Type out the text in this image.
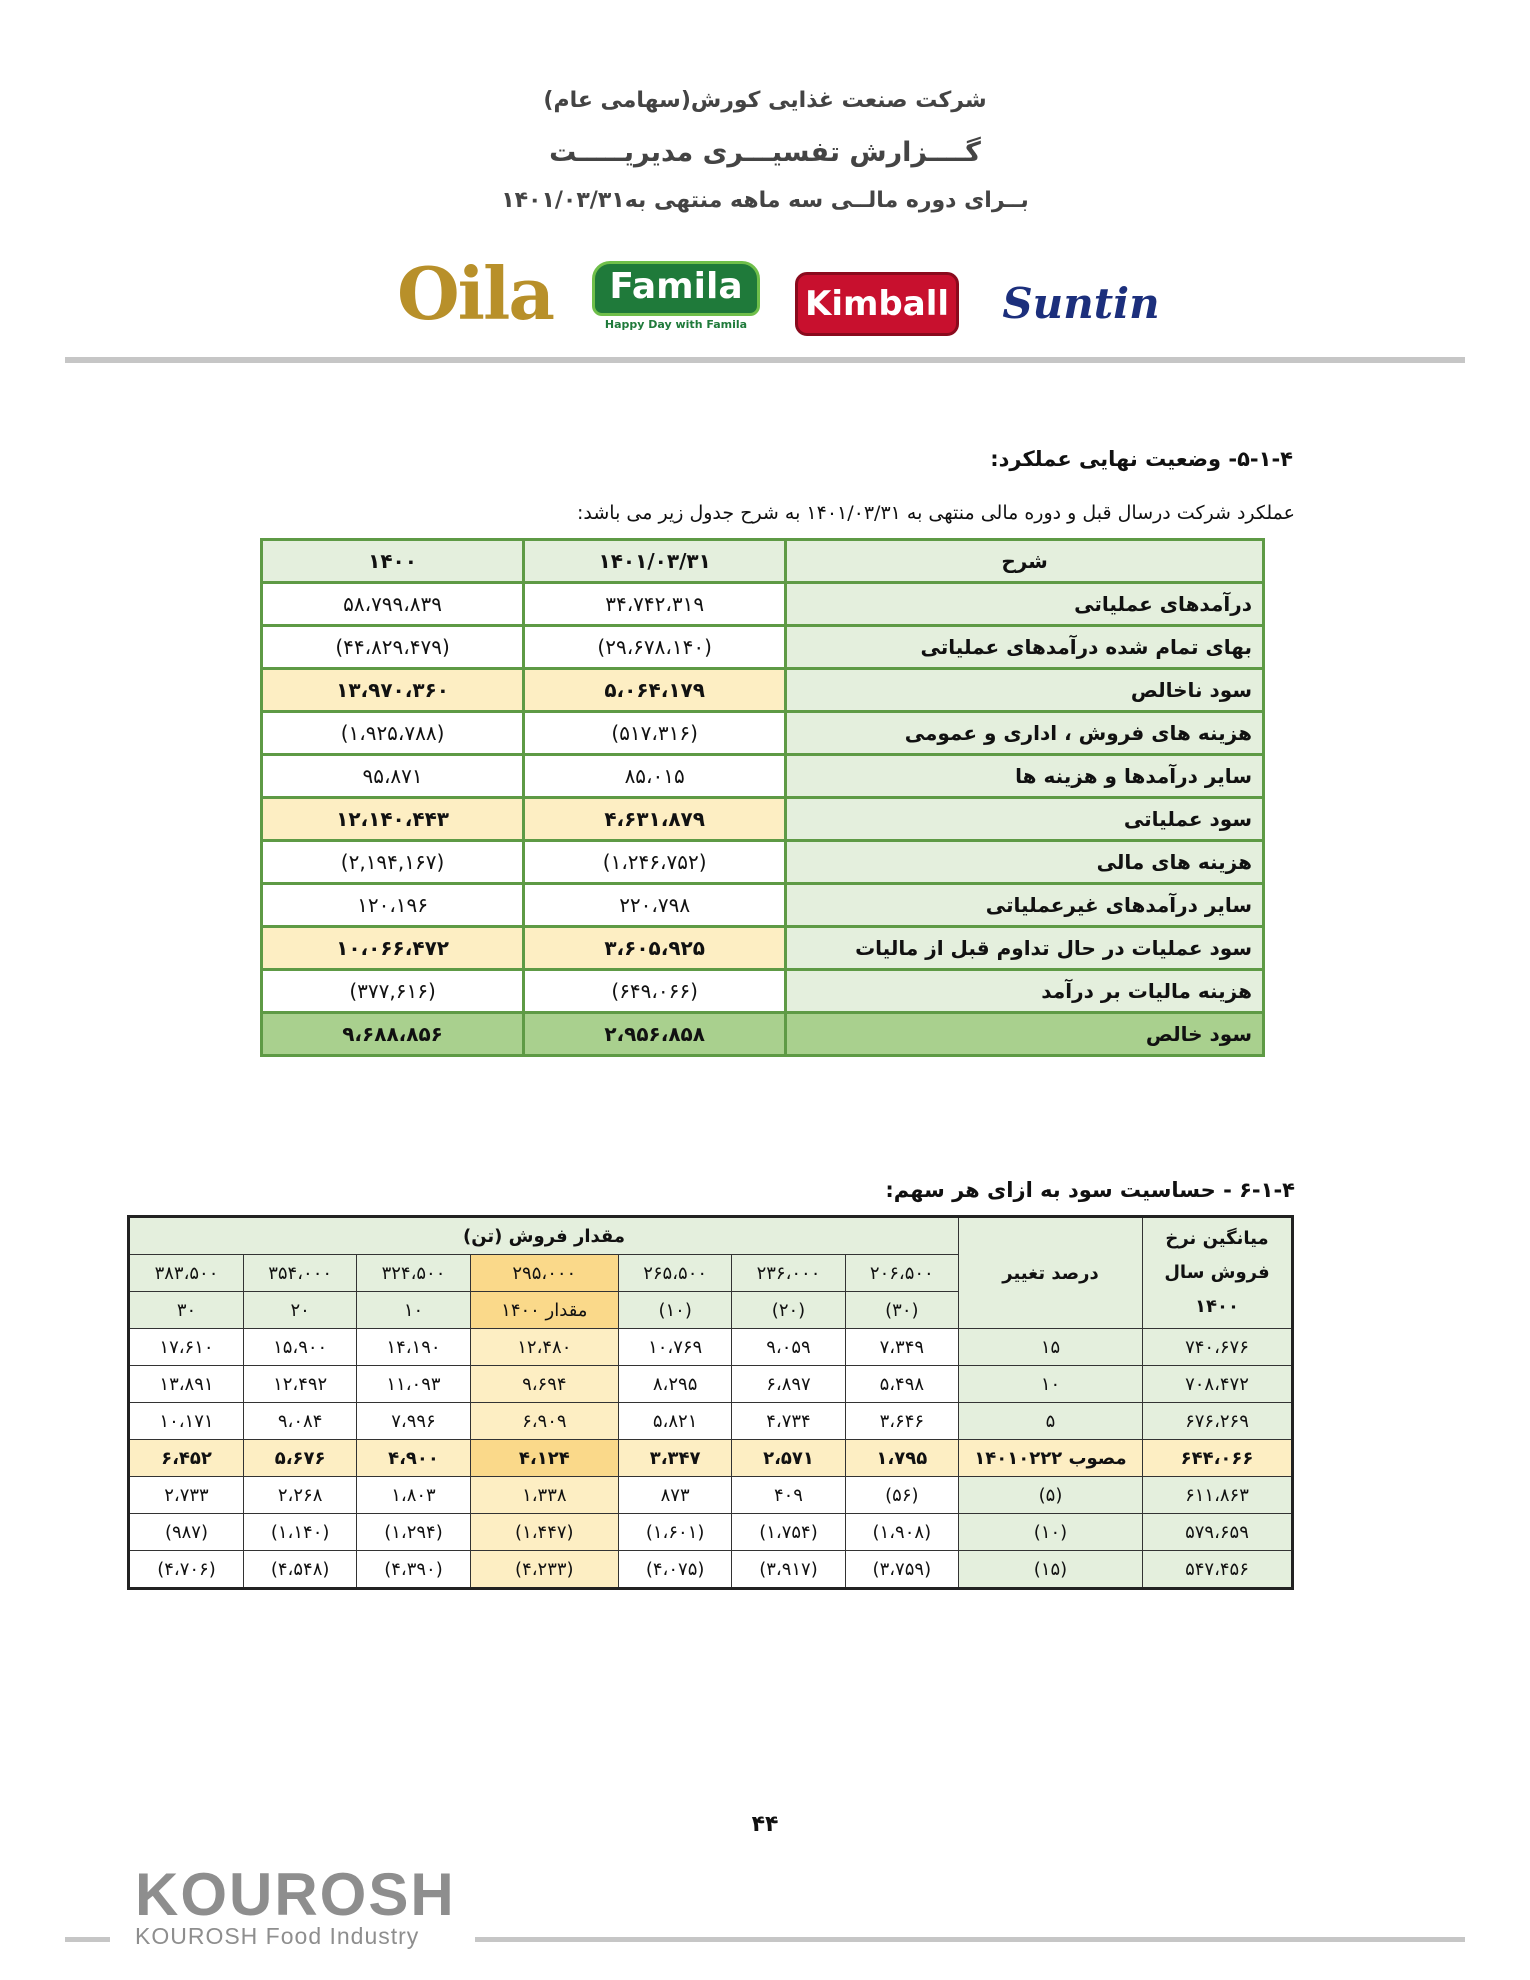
شرکت صنعت غذایی کورش(سهامی عام)
گــــزارش تفسیـــری مدیریـــــت
بــرای دوره مالــی سه ماهه منتهی به۱۴۰۱/۰۳/۳۱
Oila	Famila
Happy Day with Famila
Kimball Suntin
۵-۱-۴- وضعیت نهایی عملکرد:
عملکرد شرکت درسال قبل و دوره مالی منتهی به ۱۴۰۱/۰۳/۳۱ به شرح جدول زیر می باشد:
شرح	۱۴۰۱/۰۳/۳۱	۱۴۰۰
درآمدهای عملیاتی	۳۴،۷۴۲،۳۱۹	۵۸،۷۹۹،۸۳۹
بهای تمام شده درآمدهای عملیاتی	(۲۹،۶۷۸،۱۴۰)	(۴۴،۸۲۹،۴۷۹)
سود ناخالص	۵،۰۶۴،۱۷۹	۱۳،۹۷۰،۳۶۰
هزینه های فروش ، اداری و عمومی	(۵۱۷،۳۱۶)	(۱،۹۲۵،۷۸۸)
سایر درآمدها و هزینه ها	۸۵،۰۱۵	۹۵،۸۷۱
سود عملیاتی	۴،۶۳۱،۸۷۹	۱۲،۱۴۰،۴۴۳
هزینه های مالی	(۱،۲۴۶،۷۵۲)	(۲,۱۹۴,۱۶۷)
سایر درآمدهای غیرعملیاتی	۲۲۰،۷۹۸	۱۲۰،۱۹۶
سود عملیات در حال تداوم قبل از مالیات	۳،۶۰۵،۹۲۵	۱۰،۰۶۶،۴۷۲
هزینه مالیات بر درآمد	(۶۴۹،۰۶۶)	(۳۷۷,۶۱۶)
سود خالص	۲،۹۵۶،۸۵۸	۹،۶۸۸،۸۵۶
۶-۱-۴ - حساسیت سود به ازای هر سهم:
میانگین نرخ
فروش سال
۱۴۰۰	درصد تغییر	مقدار فروش (تن)						
		۲۰۶،۵۰۰	۲۳۶،۰۰۰	۲۶۵،۵۰۰	۲۹۵،۰۰۰	۳۲۴،۵۰۰	۳۵۴،۰۰۰	۳۸۳،۵۰۰
		(۳۰)	(۲۰)	(۱۰)	مقدار ۱۴۰۰	۱۰	۲۰	۳۰
۷۴۰،۶۷۶	۱۵	۷،۳۴۹	۹،۰۵۹	۱۰،۷۶۹	۱۲،۴۸۰	۱۴،۱۹۰	۱۵،۹۰۰	۱۷،۶۱۰
۷۰۸،۴۷۲	۱۰	۵،۴۹۸	۶،۸۹۷	۸،۲۹۵	۹،۶۹۴	۱۱،۰۹۳	۱۲،۴۹۲	۱۳،۸۹۱
۶۷۶،۲۶۹	۵	۳،۶۴۶	۴،۷۳۴	۵،۸۲۱	۶،۹۰۹	۷،۹۹۶	۹،۰۸۴	۱۰،۱۷۱
۶۴۴،۰۶۶	مصوب ۱۴۰۱۰۲۲۲	۱،۷۹۵	۲،۵۷۱	۳،۳۴۷	۴،۱۲۴	۴،۹۰۰	۵،۶۷۶	۶،۴۵۲
۶۱۱،۸۶۳	(۵)	(۵۶)	۴۰۹	۸۷۳	۱،۳۳۸	۱،۸۰۳	۲،۲۶۸	۲،۷۳۳
۵۷۹،۶۵۹	(۱۰)	(۱،۹۰۸)	(۱،۷۵۴)	(۱،۶۰۱)	(۱،۴۴۷)	(۱،۲۹۴)	(۱،۱۴۰)	(۹۸۷)
۵۴۷،۴۵۶	(۱۵)	(۳،۷۵۹)	(۳،۹۱۷)	(۴،۰۷۵)	(۴،۲۳۳)	(۴،۳۹۰)	(۴،۵۴۸)	(۴،۷۰۶)
۴۴
KOUROSH
KOUROSH Food Industry
